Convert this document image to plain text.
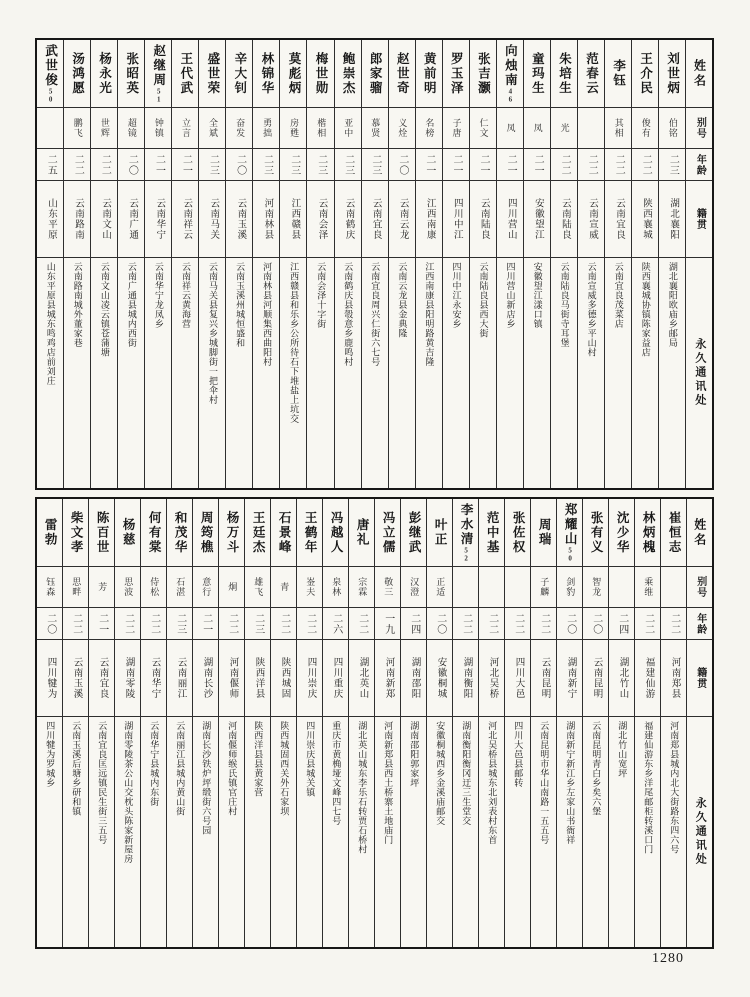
武世俊50
二五
山东平原
山东平原县城东鸣鸡店前刘庄
汤鸿愿
鹏飞
二二
云南路南
云南路南城外董家巷
杨永光
世辉
二二
云南文山
云南文山凌云镇苍蒲塘
张昭英
超镜
二〇
云南广通
云南广通县城内西街
赵继周51
钟镇
二一
云南华宁
云南华宁龙凤乡
王代武
立言
二一
云南祥云
云南祥云黄海营
盛世荣
全斌
二三
云南马关
云南马关县复兴乡城脚街一把伞村
辛大钊
奋发
二〇
云南玉溪
云南玉溪州城恒盛和
林锦华
勇拙
二三
河南林县
河南林县河顺集西曲阳村
莫彪炳
房甦
二三
江西赣县
江西赣县和乐乡公所待石下堆盐上坑交
梅世勋
楷相
二三
云南会泽
云南会泽十字街
鲍崇杰
亚中
二三
云南鹤庆
云南鹤庆县彀意乡鹿鸣村
郎家骝
慕贤
二三
云南宜良
云南宜良周兴仁街六七号
赵世奇
义烇
二〇
云南云龙
云南云龙县金典隆
黄前明
名榜
二一
江西南康
江西南康县阳明路黄吉隆
罗玉泽
子唐
二一
四川中江
四川中江永安乡
张吉灏
仁文
二一
云南陆良
云南陆良县西大街
向烛南46
凤
二一
四川营山
四川营山新店乡
童玛生
凤
二一
安徽望江
安徽望江漾口镇
朱培生
光
二二
云南陆良
云南陆良马街寺耳堡
范春云
二二
云南宣威
云南宣威多德乡平山村
李钰
其相
二二
云南宜良
云南宜良茂菜店
王介民
俊有
二二
陕西襄城
陕西襄城协镇陈家益店
刘世炳
伯铭
二三
湖北襄阳
湖北襄阳欧庙乡邮局
姓名
别号
年龄
籍贯
永久通讯处
雷勃
钰森
二〇
四川犍为
四川犍为罗城乡
柴文孝
思畔
二二
云南玉溪
云南玉溪后塘乡研和镇
陈百世
芳
二一
云南宜良
云南宜良匡远镇民生街三五号
杨慈
思波
二二
湖南零陵
湖南零陵茶公山交枕头陈家新屋房
何有棠
侍松
二二
云南华宁
云南华宁县城内东街
和茂华
石湛
二三
云南丽江
云南丽江县城内黄山街
周筠樵
意行
二一
湖南长沙
湖南长沙铁炉坪缎街六号园
杨万斗
炯
二二
河南偃师
河南偃师缑氏镇官庄村
王廷杰
雄飞
二三
陕西洋县
陕西洋县县黄家营
石景峰
青
二二
陕西城固
陕西城固西关外石家坝
王鹤年
崟夫
二二
四川崇庆
四川崇庆县城关镇
冯越人
泉林
二六
四川重庆
重庆市黄桷垭文峰四七号
唐礼
宗霖
二二
湖北英山
湖北英山城东李乐石转贾石桥村
冯立儒
敬三
一九
河南新郑
河南新郑县西土桥寨土地庙门
彭继武
汉澄
二四
湖南邵阳
湖南邵阳郭家坪
叶正
正适
二〇
安徽桐城
安徽桐城西乡金溪庙邮交
李水清52
二二
湖南衡阳
湖南衡阳衡冈迂三生堂交
范中基
二二
河北吴桥
河北吴桥县城东北刘表村东首
张佐权
二二
四川大邑
四川大邑县邮转
周瑞
子麟
二二
云南昆明
云南昆明市华山南路一五五号
郑耀山50
剑豹
二〇
湖南新宁
湖南新宁新江乡左家山书衙祥
张有义
智龙
二〇
云南昆明
云南昆明青白乡矣六堡
沈少华
二四
湖北竹山
湖北竹山宽坪
林炳槐
乘维
二二
福建仙游
福建仙游东乡洋尾邮柜转溪口门
崔恒志
二二
河南郑县
河南郑县城内北大街路东四六号
姓名
别号
年龄
籍贯
永久通讯处
1280
